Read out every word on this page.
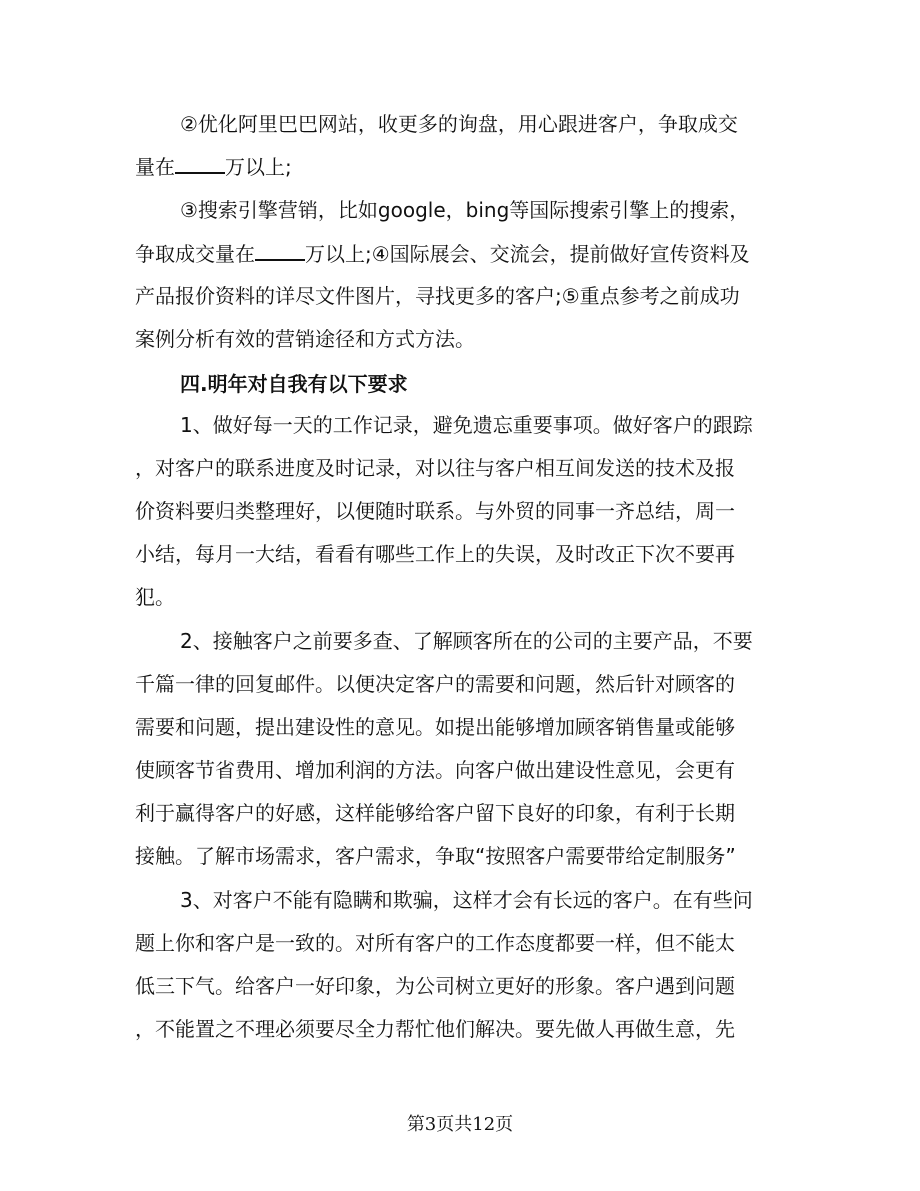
②优化阿里巴巴网站，收更多的询盘，用心跟进客户，争取成交
量在	万以上;
③搜索引擎营销，比如google，bing等国际搜索引擎上的搜索，
争取成交量在	万以上;④国际展会、交流会，提前做好宣传资料及
产品报价资料的详尽文件图片，寻找更多的客户;⑤重点参考之前成功
案例分析有效的营销途径和方式方法。
四.明年对自我有以下要求
1、做好每一天的工作记录，避免遗忘重要事项。做好客户的跟踪
，对客户的联系进度及时记录，对以往与客户相互间发送的技术及报
价资料要归类整理好，以便随时联系。与外贸的同事一齐总结，周一
小结，每月一大结，看看有哪些工作上的失误，及时改正下次不要再
犯。
2、接触客户之前要多查、了解顾客所在的公司的主要产品，不要
千篇一律的回复邮件。以便决定客户的需要和问题，然后针对顾客的
需要和问题，提出建设性的意见。如提出能够增加顾客销售量或能够
使顾客节省费用、增加利润的方法。向客户做出建设性意见，会更有
利于赢得客户的好感，这样能够给客户留下良好的印象，有利于长期
接触。了解市场需求，客户需求，争取“按照客户需要带给定制服务”
3、对客户不能有隐瞒和欺骗，这样才会有长远的客户。在有些问
题上你和客户是一致的。对所有客户的工作态度都要一样，但不能太
低三下气。给客户一好印象，为公司树立更好的形象。客户遇到问题
，不能置之不理必须要尽全力帮忙他们解决。要先做人再做生意，先
第3页共12页
